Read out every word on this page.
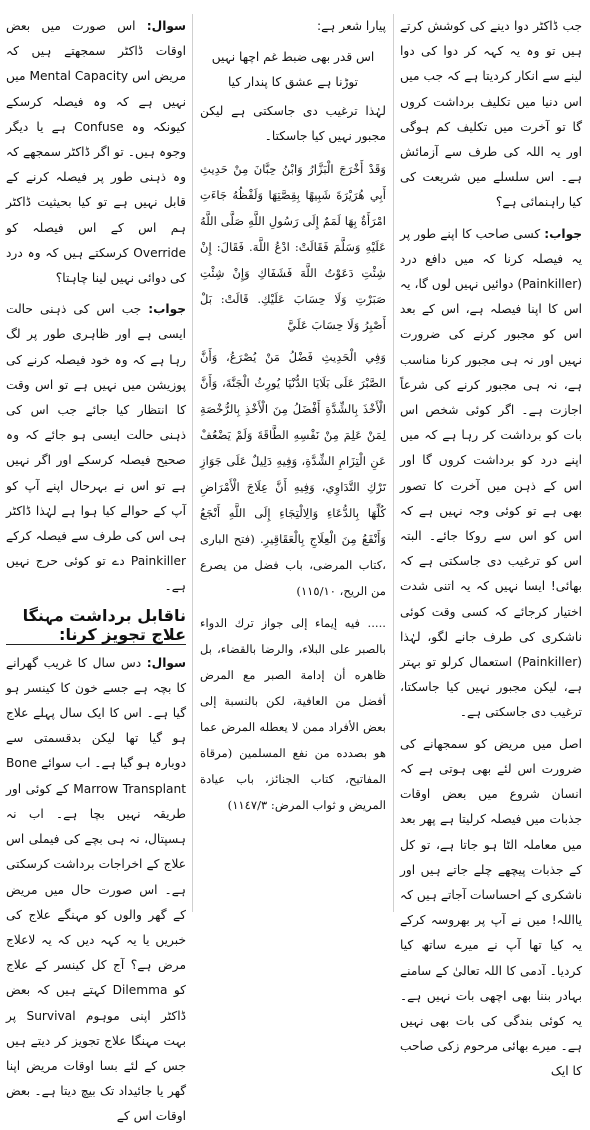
جب ڈاکٹر دوا دینے کی کوشش کرتے ہیں تو وہ یہ کہہ کر دوا کی دوا لینے سے انکار کردیتا ہے کہ جب میں اس دنیا میں تکلیف برداشت کروں گا تو آخرت میں تکلیف کم ہوگی اور یہ اللہ کی طرف سے آزمائش ہے۔ اس سلسلے میں شریعت کی کیا راہنمائی ہے؟

جواب: کسی صاحب کا اپنے طور پر یہ فیصلہ کرنا کہ میں دافع درد (Painkiller) دوائیں نہیں لوں گا، یہ اس کا اپنا فیصلہ ہے، اس کے بعد اس کو مجبور کرنے کی ضرورت نہیں اور نہ ہی مجبور کرنا مناسب ہے، نہ ہی مجبور کرنے کی شرعاً اجازت ہے۔ اگر کوئی شخص اس بات کو برداشت کر رہا ہے کہ میں اپنے درد کو برداشت کروں گا اور اس کے ذہن میں آخرت کا تصور بھی ہے تو کوئی وجہ نہیں ہے کہ اس کو اس سے روکا جائے۔ البتہ اس کو ترغیب دی جاسکتی ہے کہ بھائی! ایسا نہیں کہ یہ اتنی شدت اختیار کرجائے کہ کسی وقت کوئی ناشکری کی طرف جانے لگو، لہٰذا (Painkiller) استعمال کرلو تو بہتر ہے، لیکن مجبور نہیں کیا جاسکتا، ترغیب دی جاسکتی ہے۔

اصل میں مریض کو سمجھانے کی ضرورت اس لئے بھی ہوتی ہے کہ انسان شروع میں بعض اوقات جذبات میں فیصلہ کرلیتا ہے پھر بعد میں معاملہ الٹا ہو جاتا ہے، تو کل کے جذبات پیچھے چلے جاتے ہیں اور ناشکری کے احساسات آجاتے ہیں کہ یااللہ! میں نے آپ پر بھروسہ کرکے یہ کیا تھا آپ نے میرے ساتھ کیا کردیا۔ آدمی کا اللہ تعالیٰ کے سامنے بہادر بننا بھی اچھی بات نہیں ہے۔ یہ کوئی بندگی کی بات بھی نہیں ہے۔ میرے بھائی مرحوم زکی صاحب کا ایک

پیارا شعر ہے:

اس قدر بھی ضبط غم اچھا نہیں
توڑنا ہے عشق کا پندار کیا

لہٰذا ترغیب دی جاسکتی ہے لیکن مجبور نہیں کیا جاسکتا۔

وَقَدْ أَخْرَجَ الْبَزَّارُ وَابْنُ حِبَّانَ مِنْ حَدِيثِ أَبِي هُرَيْرَةَ شَبِيهًا بِقِصَّتِهَا وَلَفْظُهُ جَاءَتِ امْرَأَةٌ بِهَا لَمَمٌ إِلَى رَسُولِ اللَّهِ صَلَّى اللَّهُ عَلَيْهِ وَسَلَّمَ فَقَالَتْ: ادْعُ اللَّهَ. فَقَالَ: إِنْ شِئْتِ دَعَوْتُ اللَّهَ فَشَفَاكِ وَإِنْ شِئْتِ صَبَرْتِ وَلَا حِسَابَ عَلَيْكِ. قَالَتْ: بَلْ أَصْبِرُ وَلَا حِسَابَ عَلَيَّ

وَفِي الْحَدِيثِ فَضْلُ مَنْ يُصْرَعُ، وَأَنَّ الصَّبْرَ عَلَى بَلَايَا الدُّنْيَا يُورِثُ الْجَنَّةَ، وَأَنَّ الْأَخْذَ بِالشِّدَّةِ أَفْضَلُ مِنَ الْأَخْذِ بِالرُّخْصَةِ لِمَنْ عَلِمَ مِنْ نَفْسِهِ الطَّاقَةَ وَلَمْ يَضْعُفْ عَنِ الْتِزَامِ الشِّدَّةِ، وَفِيهِ دَلِيلٌ عَلَى جَوَازِ تَرْكِ التَّدَاوِي، وَفِيهِ أَنَّ عِلَاجَ الْأَمْرَاضِ كُلِّهَا بِالدُّعَاءِ وَالِالْتِجَاءِ إِلَى اللَّهِ أَنْجَعُ وَأَنْفَعُ مِنَ الْعِلَاجِ بِالْعَقَاقِيرِ. (فتح الباری ،كتاب المرضى، باب فضل من يصرع من الريح، ١١٥/١٠)

..... فيه إيماء إلى جواز ترك الدواء بالصبر على البلاء، والرضا بالقضاء، بل ظاهره أن إدامة الصبر مع المرض أفضل من العافية، لكن بالنسبة إلى بعض الأفراد ممن لا يعطله المرض عما هو بصدده من نفع المسلمين (مرقاة المفاتيح، كتاب الجنائز، باب عيادة المريض و ثواب المرض: ١١٤٧/٣)

سوال: اس صورت میں بعض اوقات ڈاکٹر سمجھتے ہیں کہ مریض اس Mental Capacity میں نہیں ہے کہ وہ فیصلہ کرسکے کیونکہ وہ Confuse ہے یا دیگر وجوہ ہیں۔ تو اگر ڈاکٹر سمجھے کہ وہ ذہنی طور پر فیصلہ کرنے کے قابل نہیں ہے تو کیا بحیثیت ڈاکٹر ہم اس کے اس فیصلہ کو Override کرسکتے ہیں کہ وہ درد کی دوائی نہیں لینا چاہتا؟

جواب: جب اس کی ذہنی حالت ایسی ہے اور ظاہری طور پر لگ رہا ہے کہ وہ خود فیصلہ کرنے کی پوزیشن میں نہیں ہے تو اس وقت کا انتظار کیا جائے جب اس کی ذہنی حالت ایسی ہو جائے کہ وہ صحیح فیصلہ کرسکے اور اگر نہیں ہے تو اس نے بہرحال اپنے آپ کو آپ کے حوالے کیا ہوا ہے لہٰذا ڈاکٹر ہی اس کی طرف سے فیصلہ کرکے Painkiller دے تو کوئی حرج نہیں ہے۔

ناقابل برداشت مہنگا علاج تجویز کرنا:

سوال: دس سال کا غریب گھرانے کا بچہ ہے جسے خون کا کینسر ہو گیا ہے۔ اس کا ایک سال پہلے علاج ہو گیا تھا لیکن بدقسمتی سے دوبارہ ہو گیا ہے۔ اب سوائے Bone Marrow Transplant کے کوئی اور طریقہ نہیں بچا ہے۔ اب نہ ہسپتال، نہ ہی بچے کی فیملی اس علاج کے اخراجات برداشت کرسکتی ہے۔ اس صورت حال میں مریض کے گھر والوں کو مہنگے علاج کی خبریں یا یہ کہہ دیں کہ یہ لاعلاج مرض ہے؟ آج کل کینسر کے علاج کو Dilemma کہتے ہیں کہ بعض ڈاکٹر اپنی موہوم Survival پر بہت مہنگا علاج تجویز کر دیتے ہیں جس کے لئے بسا اوقات مریض اپنا گھر یا جائیداد تک بیچ دیتا ہے۔ بعض اوقات اس کے
